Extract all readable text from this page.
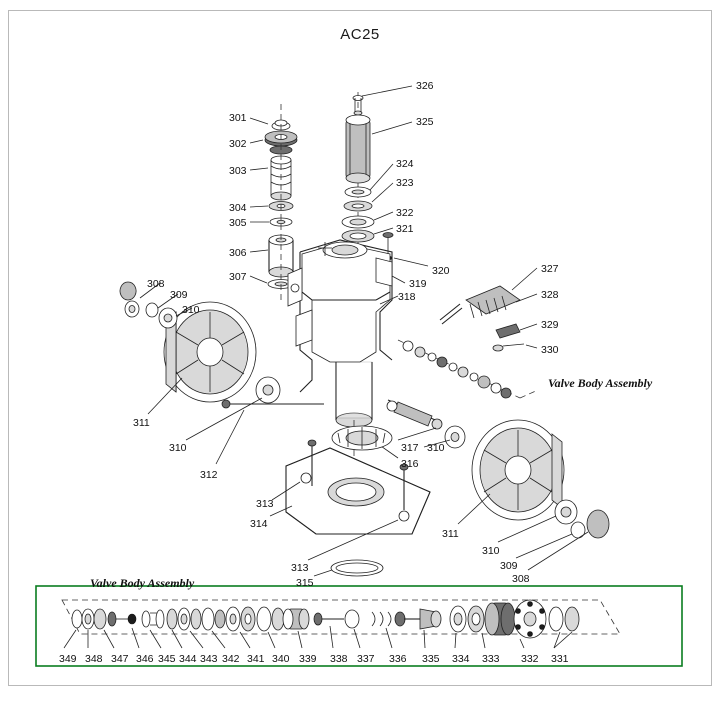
AC25
301
302
303
304
305
306
307
326
325
324
323
322
321
320
319
318
327
328
329
330
308
309
310
311
310
312
313
314
313
315
316
317 310
311
310
309
308
Valve Body Assembly
Valve Body Assembly
349 348 347 346 345 344 343 342 341 340 339 338 337 336 335 334 333 332 331
